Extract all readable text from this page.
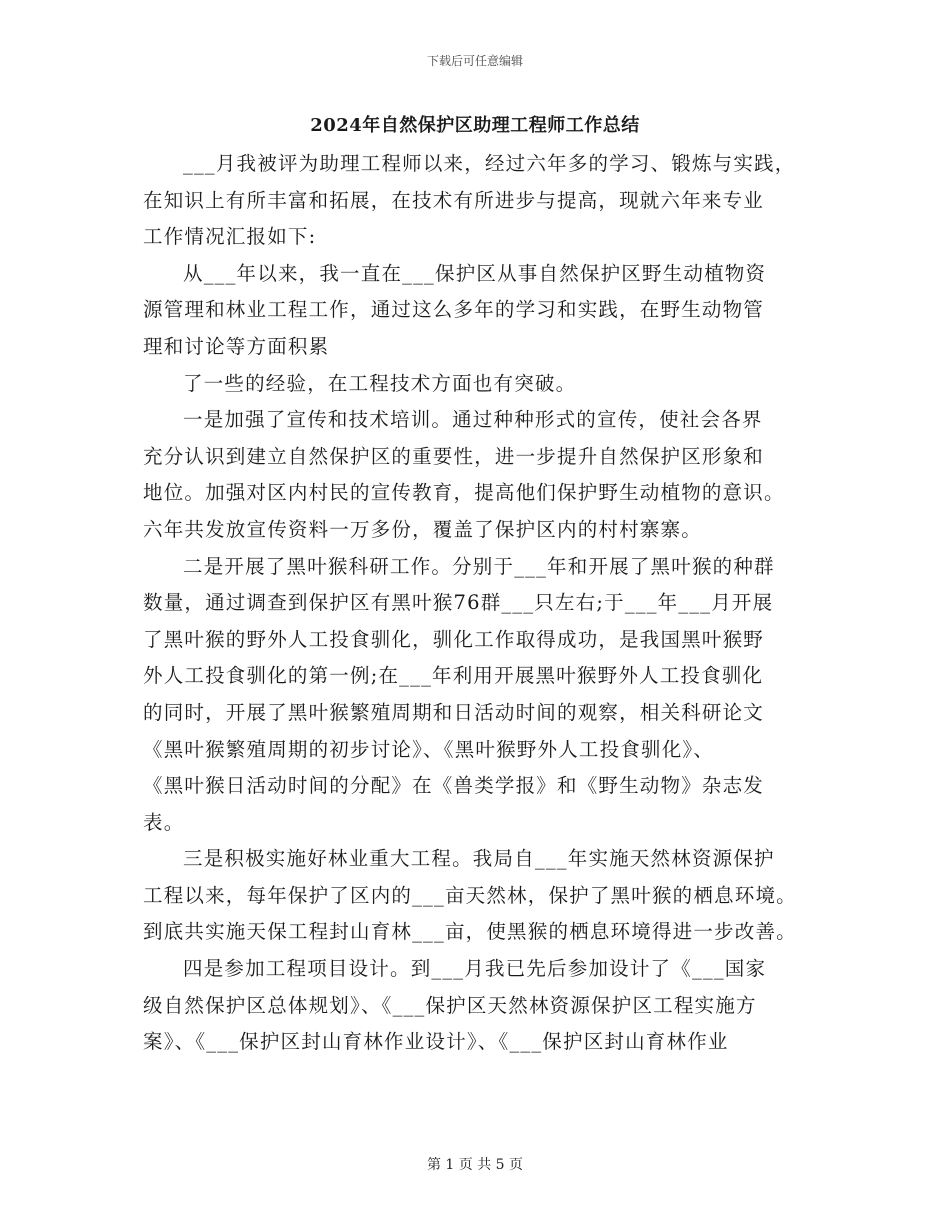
下载后可任意编辑
2024年自然保护区助理工程师工作总结
___月我被评为助理工程师以来，经过六年多的学习、锻炼与实践，
在知识上有所丰富和拓展，在技术有所进步与提高，现就六年来专业
工作情况汇报如下:
从___年以来，我一直在___保护区从事自然保护区野生动植物资
源管理和林业工程工作，通过这么多年的学习和实践，在野生动物管
理和讨论等方面积累
了一些的经验，在工程技术方面也有突破。
一是加强了宣传和技术培训。通过种种形式的宣传，使社会各界
充分认识到建立自然保护区的重要性，进一步提升自然保护区形象和
地位。加强对区内村民的宣传教育，提高他们保护野生动植物的意识。
六年共发放宣传资料一万多份，覆盖了保护区内的村村寨寨。
二是开展了黑叶猴科研工作。分别于___年和开展了黑叶猴的种群
数量，通过调查到保护区有黑叶猴76群___只左右;于___年___月开展
了黑叶猴的野外人工投食驯化，驯化工作取得成功，是我国黑叶猴野
外人工投食驯化的第一例;在___年利用开展黑叶猴野外人工投食驯化
的同时，开展了黑叶猴繁殖周期和日活动时间的观察，相关科研论文
《黑叶猴繁殖周期的初步讨论》、《黑叶猴野外人工投食驯化》、
《黑叶猴日活动时间的分配》在《兽类学报》和《野生动物》杂志发
表。
三是积极实施好林业重大工程。我局自___年实施天然林资源保护
工程以来，每年保护了区内的___亩天然林，保护了黑叶猴的栖息环境。
到底共实施天保工程封山育林___亩，使黑猴的栖息环境得进一步改善。
四是参加工程项目设计。到___月我已先后参加设计了《___国家
级自然保护区总体规划》、《___保护区天然林资源保护区工程实施方
案》、《___保护区封山育林作业设计》、《___保护区封山育林作业
第 1 页 共 5 页
